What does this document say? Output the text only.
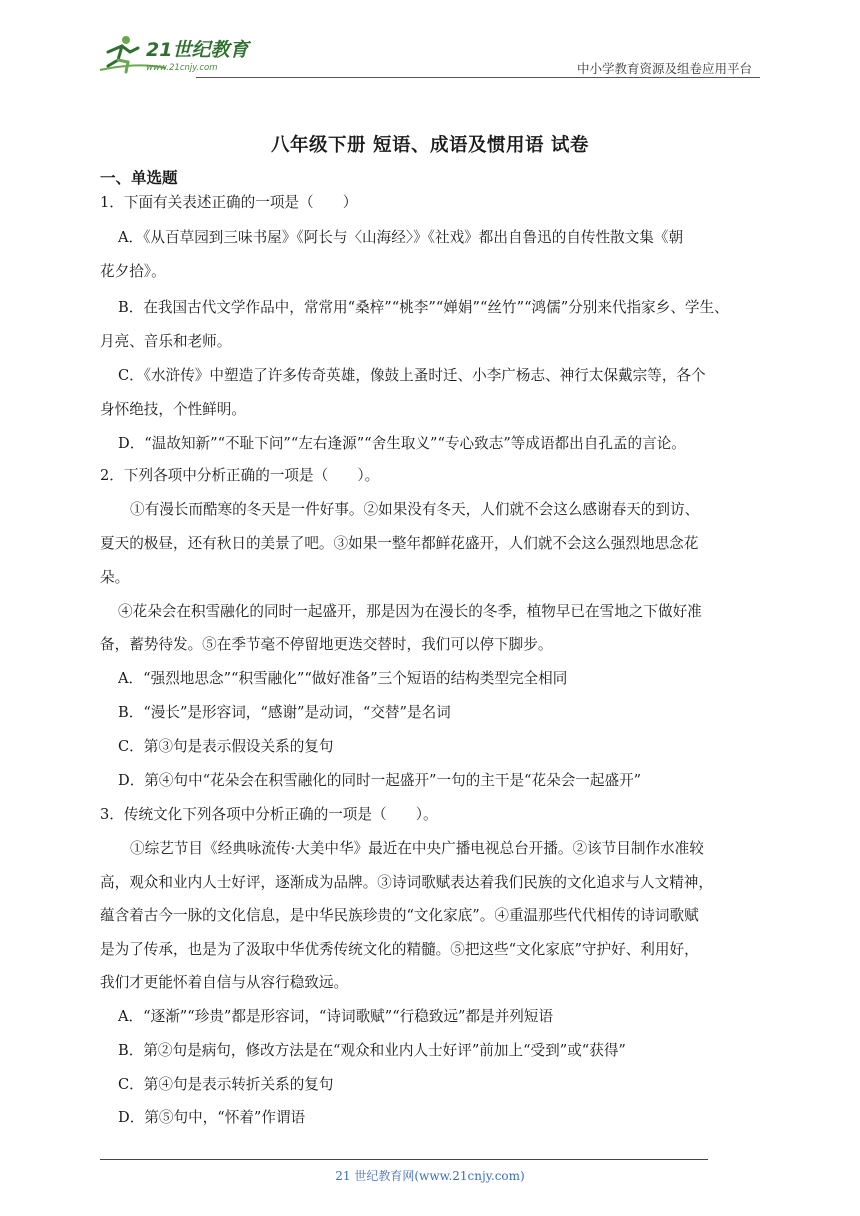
21世纪教育
www.21cnjy.com	中小学教育资源及组卷应用平台
八年级下册 短语、成语及惯用语 试卷
一、单选题
1．下面有关表述正确的一项是（　　）
A．《从百草园到三味书屋》《阿长与〈山海经〉》《社戏》都出自鲁迅的自传性散文集《朝
花夕拾》。
B．在我国古代文学作品中，常常用“桑梓”“桃李”“婵娟”“丝竹”“鸿儒”分别来代指家乡、学生、
月亮、音乐和老师。
C．《水浒传》中塑造了许多传奇英雄，像鼓上蚤时迁、小李广杨志、神行太保戴宗等，各个
身怀绝技，个性鲜明。
D．“温故知新”“不耻下问”“左右逢源”“舍生取义”“专心致志”等成语都出自孔孟的言论。
2．下列各项中分析正确的一项是（　　）。
①有漫长而酷寒的冬天是一件好事。②如果没有冬天，人们就不会这么感谢春天的到访、
夏天的极昼，还有秋日的美景了吧。③如果一整年都鲜花盛开，人们就不会这么强烈地思念花
朵。
④花朵会在积雪融化的同时一起盛开，那是因为在漫长的冬季，植物早已在雪地之下做好准
备，蓄势待发。⑤在季节毫不停留地更迭交替时，我们可以停下脚步。
A．“强烈地思念”“积雪融化”“做好准备”三个短语的结构类型完全相同
B．“漫长”是形容词，“感谢”是动词，“交替”是名词
C．第③句是表示假设关系的复句
D．第④句中“花朵会在积雪融化的同时一起盛开”一句的主干是“花朵会一起盛开”
3．传统文化下列各项中分析正确的一项是（　　）。
①综艺节目《经典咏流传·大美中华》最近在中央广播电视总台开播。②该节目制作水准较
高，观众和业内人士好评，逐渐成为品牌。③诗词歌赋表达着我们民族的文化追求与人文精神，
蕴含着古今一脉的文化信息，是中华民族珍贵的“文化家底”。④重温那些代代相传的诗词歌赋
是为了传承，也是为了汲取中华优秀传统文化的精髓。⑤把这些“文化家底”守护好、利用好，
我们才更能怀着自信与从容行稳致远。
A．“逐渐”“珍贵”都是形容词，“诗词歌赋”“行稳致远”都是并列短语
B．第②句是病句，修改方法是在“观众和业内人士好评”前加上“受到”或“获得”
C．第④句是表示转折关系的复句
D．第⑤句中，“怀着”作谓语
21 世纪教育网(www.21cnjy.com)
